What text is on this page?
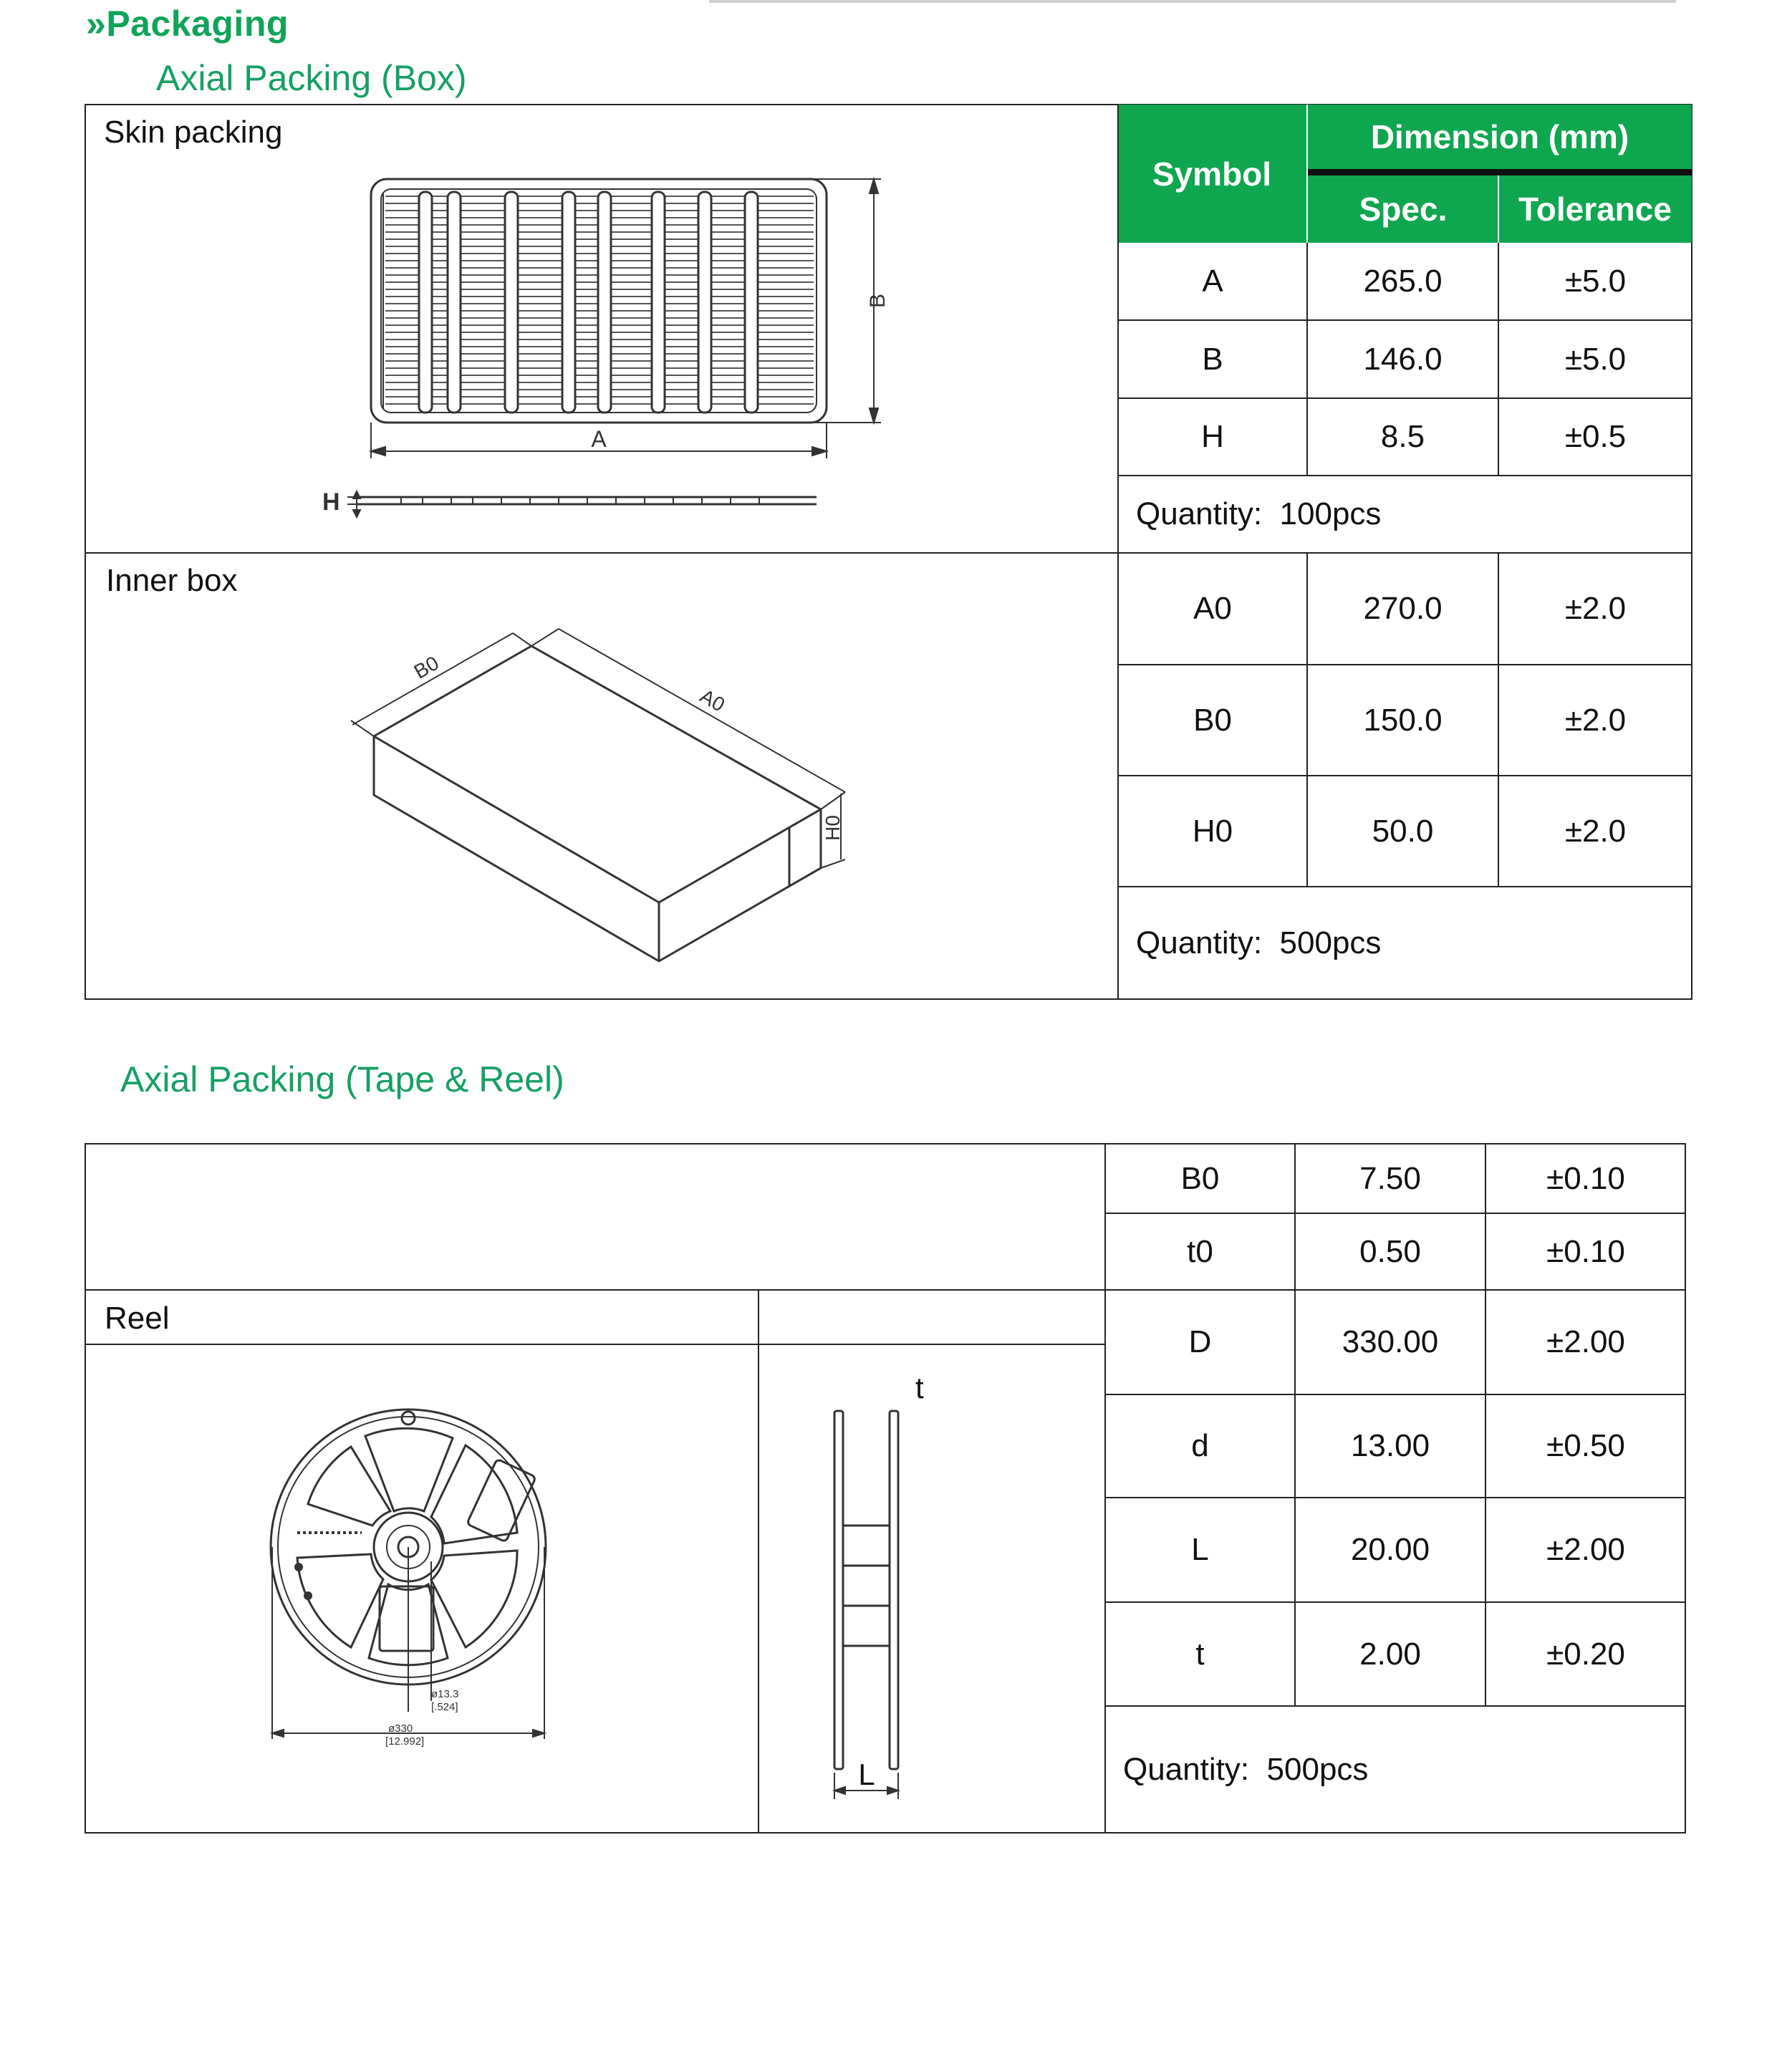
»Packaging
Axial Packing (Box)
Symbol
Dimension (mm)
Spec.	Tolerance
Skin packing
A	265.0	±5.0
B	146.0	±5.0
H	8.5	±0.5
Quantity:  100pcs
Inner box
A0	270.0	±2.0
B0	150.0	±2.0
H0	50.0	±2.0
Quantity:  500pcs
B
A
H
B0
A0
H0
Axial Packing (Tape & Reel)
Reel
B0	7.50	±0.10
t0	0.50	±0.10
D	330.00	±2.00
d	13.00	±0.50
L	20.00	±2.00
t	2.00	±0.20
Quantity:  500pcs
ø13.3
[.524]
ø330
[12.992]
t
L
